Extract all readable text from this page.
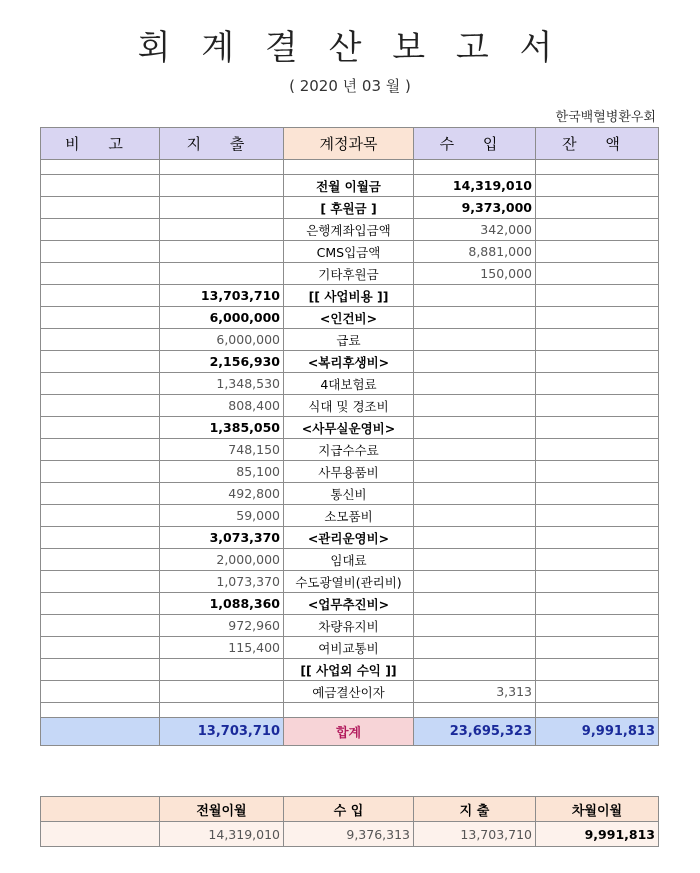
회 계 결 산 보 고 서
( 2020 년 03 월 )
한국백혈병환우회
비 고	지 출	계정과목	수 입	잔 액

		전월 이월금	14,319,010	
		[ 후원금 ]	9,373,000	
		은행계좌입금액	342,000	
		CMS입금액	8,881,000	
		기타후원금	150,000	
	13,703,710	[[ 사업비용 ]]		
	6,000,000	<인건비>		
	6,000,000	급료		
	2,156,930	<복리후생비>		
	1,348,530	4대보험료		
	808,400	식대 및 경조비		
	1,385,050	<사무실운영비>		
	748,150	지급수수료		
	85,100	사무용품비		
	492,800	통신비		
	59,000	소모품비		
	3,073,370	<관리운영비>		
	2,000,000	임대료		
	1,073,370	수도광열비(관리비)		
	1,088,360	<업무추진비>		
	972,960	차량유지비		
	115,400	여비교통비		
		[[ 사업외 수익 ]]		
		예금결산이자	3,313	

	13,703,710	합계	23,695,323	9,991,813
	전월이월	수 입	지 출	차월이월
	14,319,010	9,376,313	13,703,710	9,991,813
